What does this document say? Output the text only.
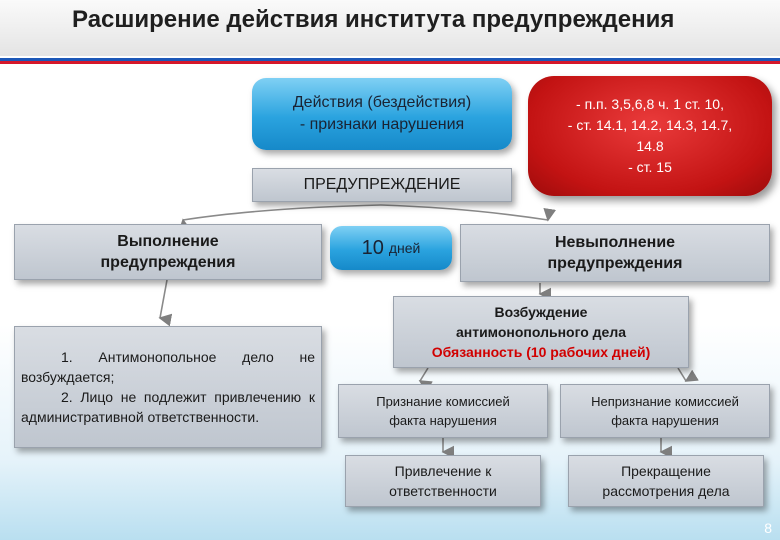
Расширение действия института предупреждения
Действия (бездействия)
- признаки нарушения
- п.п. 3,5,6,8 ч. 1 ст. 10,
- ст. 14.1, 14.2, 14.3, 14.7,
14.8
- ст. 15
ПРЕДУПРЕЖДЕНИЕ
Выполнение
предупреждения
10 дней	Невыполнение
предупреждения
1. Антимонопольное дело не возбуждается;
2. Лицо не подлежит привлечению к административной ответственности.
Возбуждение
антимонопольного дела
Обязанность (10 рабочих дней)
Признание комиссией
факта нарушения
Непризнание комиссией
факта нарушения
Привлечение к
ответственности
Прекращение
рассмотрения дела
8
